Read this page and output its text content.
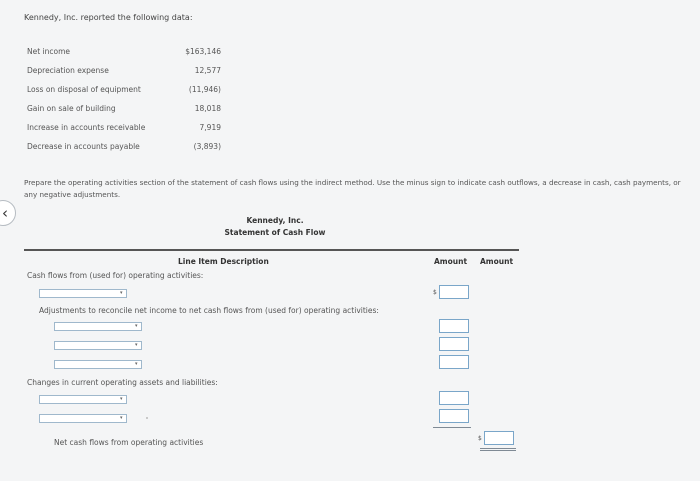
Kennedy, Inc. reported the following data:
Net income	$163,146
Depreciation expense	12,577
Loss on disposal of equipment	(11,946)
Gain on sale of building	18,018
Increase in accounts receivable	7,919
Decrease in accounts payable	(3,893)
Prepare the operating activities section of the statement of cash flows using the indirect method. Use the minus sign to indicate cash outflows, a decrease in cash, cash payments, or any negative adjustments.
‹	Kennedy, Inc.
Statement of Cash Flow
Line Item Description	Amount Amount
Cash flows from (used for) operating activities:
▾	$
Adjustments to reconcile net income to net cash flows from (used for) operating activities:
▾
▾
▾
Changes in current operating assets and liabilities:
▾
▾
Net cash flows from operating activities	$
